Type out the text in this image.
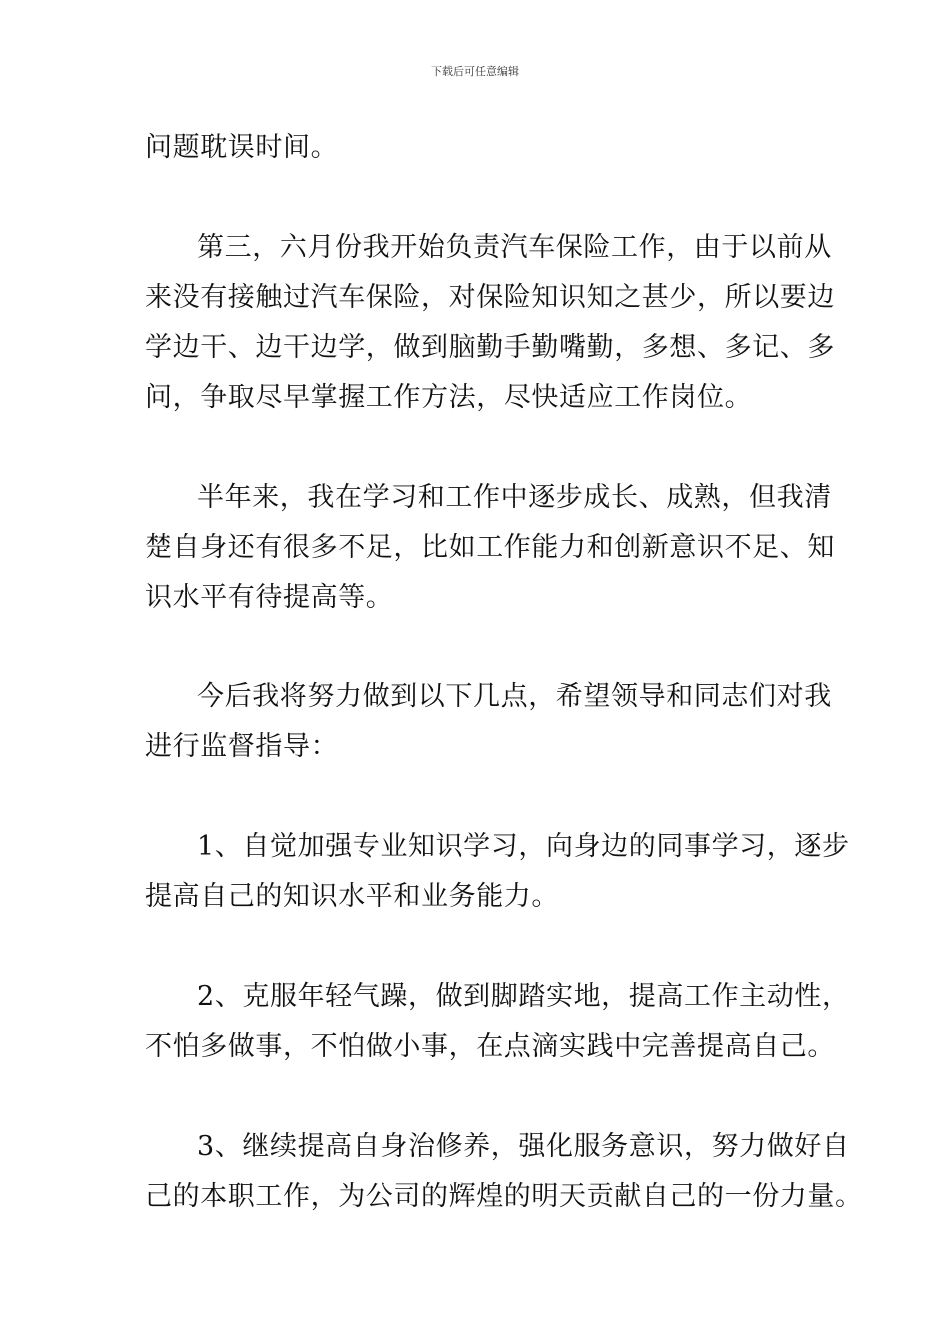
下载后可任意编辑
问题耽误时间。
第三，六月份我开始负责汽车保险工作，由于以前从
来没有接触过汽车保险，对保险知识知之甚少，所以要边
学边干、边干边学，做到脑勤手勤嘴勤，多想、多记、多
问，争取尽早掌握工作方法，尽快适应工作岗位。
半年来，我在学习和工作中逐步成长、成熟，但我清
楚自身还有很多不足，比如工作能力和创新意识不足、知
识水平有待提高等。
今后我将努力做到以下几点，希望领导和同志们对我
进行监督指导：
1、自觉加强专业知识学习，向身边的同事学习，逐步
提高自己的知识水平和业务能力。
2、克服年轻气躁，做到脚踏实地，提高工作主动性，
不怕多做事，不怕做小事，在点滴实践中完善提高自己。
3、继续提高自身治修养，强化服务意识，努力做好自
己的本职工作，为公司的辉煌的明天贡献自己的一份力量。
